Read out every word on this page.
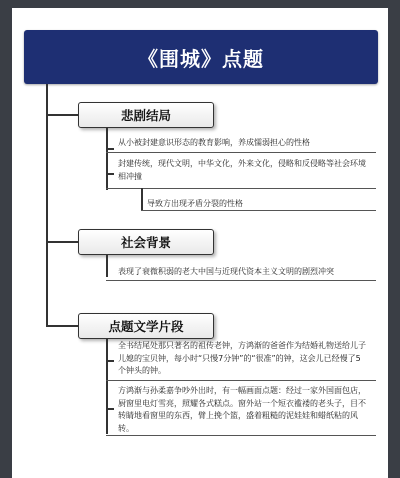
《围城》点题
悲剧结局
从小被封建意识形态的教育影响，养成懦弱担心的性格
封建传统，现代文明，中华文化，外来文化，侵略和反侵略等社会环境相冲撞
导致方出现矛盾分裂的性格
社会背景
表现了衰微积弱的老大中国与近现代资本主义文明的剧烈冲突
点题文学片段
全书结尾处那只著名的祖传老钟，方鸿渐的爸爸作为结婚礼物送给儿子儿媳的宝贝钟，每小时“只慢7分钟”的“很准”的钟，这会儿已经慢了5个钟头的钟。
方鸿渐与孙柔嘉争吵外出时，有一幅画面点题：经过一家外国面包店，厨窗里电灯雪亮，照耀各式糕点。窗外站一个短衣褴褛的老头子，目不转睛地看窗里的东西，臂上挽个篮，盛着粗糙的泥娃娃和蜡纸粘的风转。
